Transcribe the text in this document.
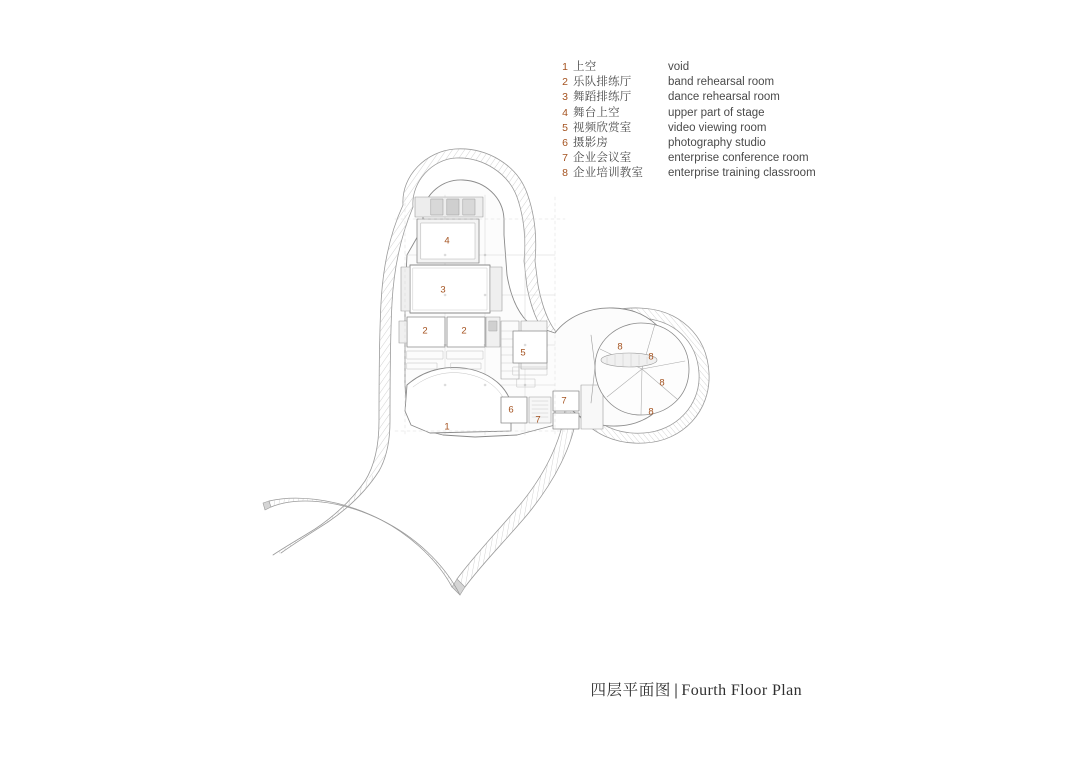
1 上空	void
2 乐队排练厅	band rehearsal room
3 舞蹈排练厅	dance rehearsal room
4 舞台上空	upper part of stage
5 视频欣赏室	video viewing room
6 摄影房	photography studio
7 企业会议室	enterprise conference room
8 企业培训教室	enterprise training classroom
4
3
2	2
5
6
7
7
8
8
8
8
1
四层平面图 | Fourth Floor Plan
